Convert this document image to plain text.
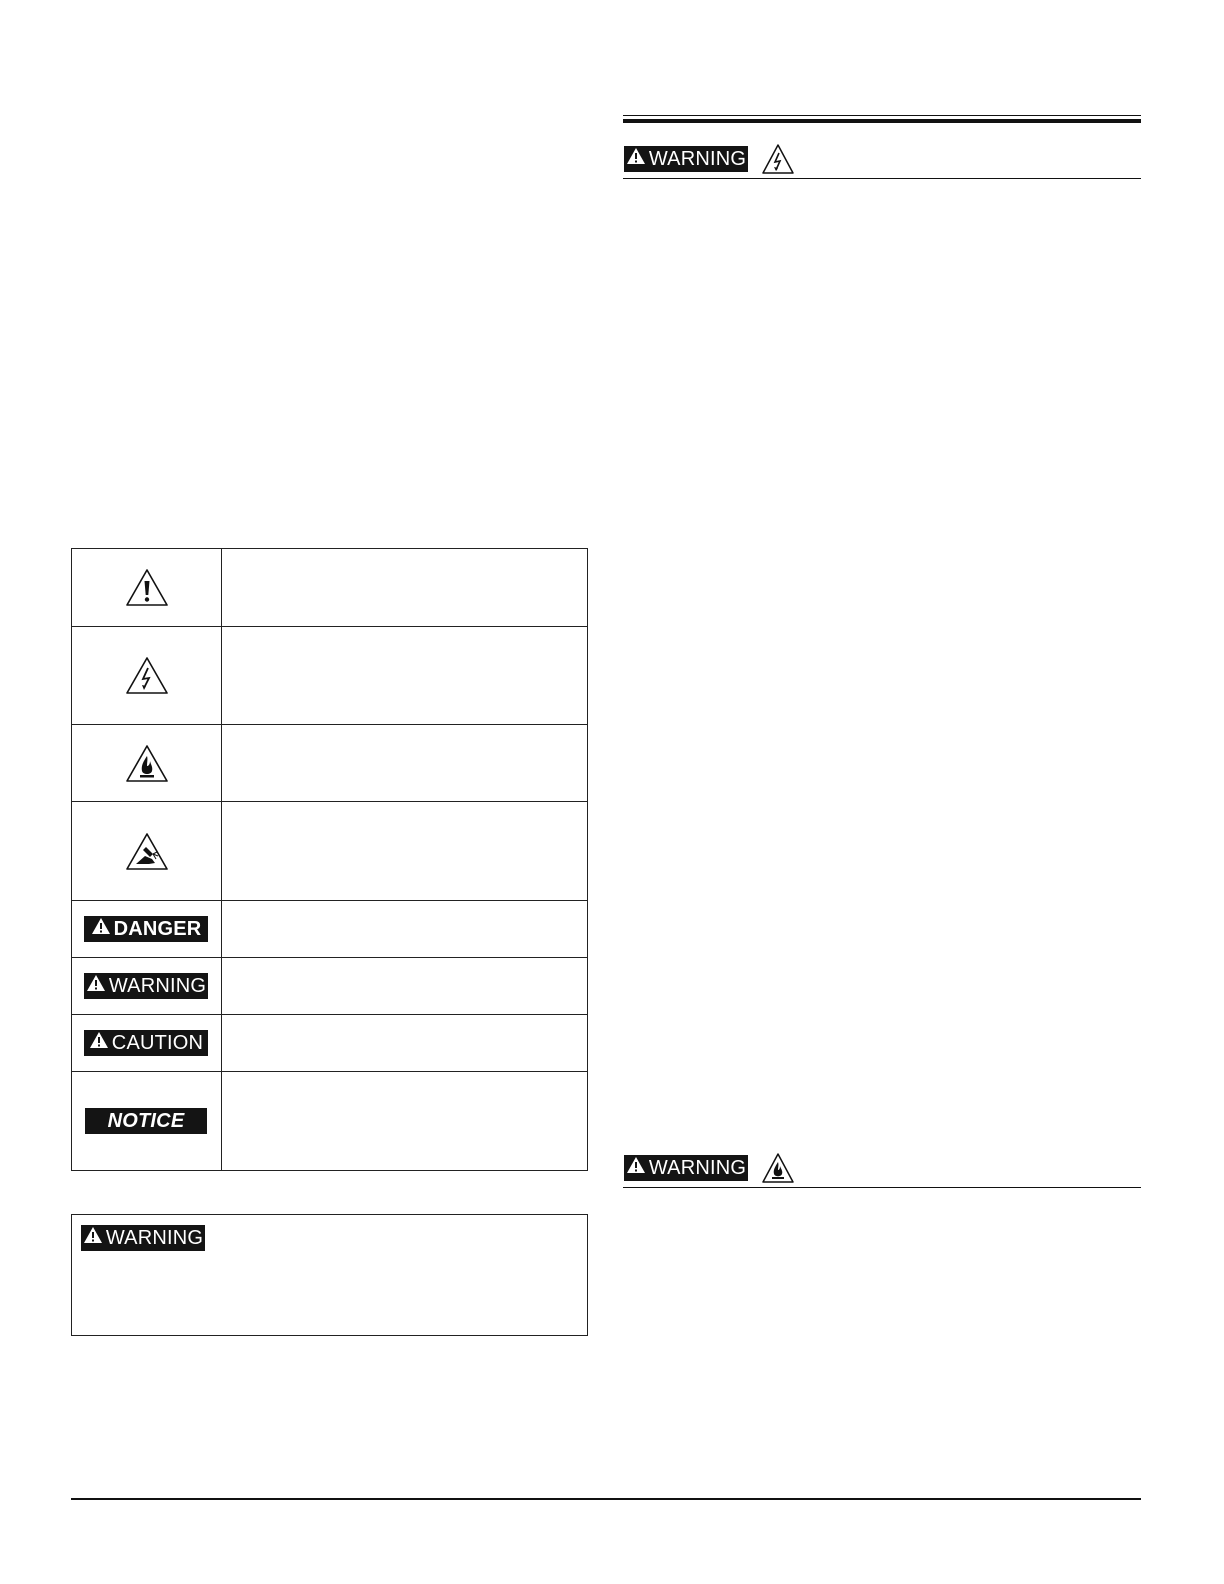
WARNING
WARNING
DANGER
WARNING
CAUTION
NOTICE
WARNING
